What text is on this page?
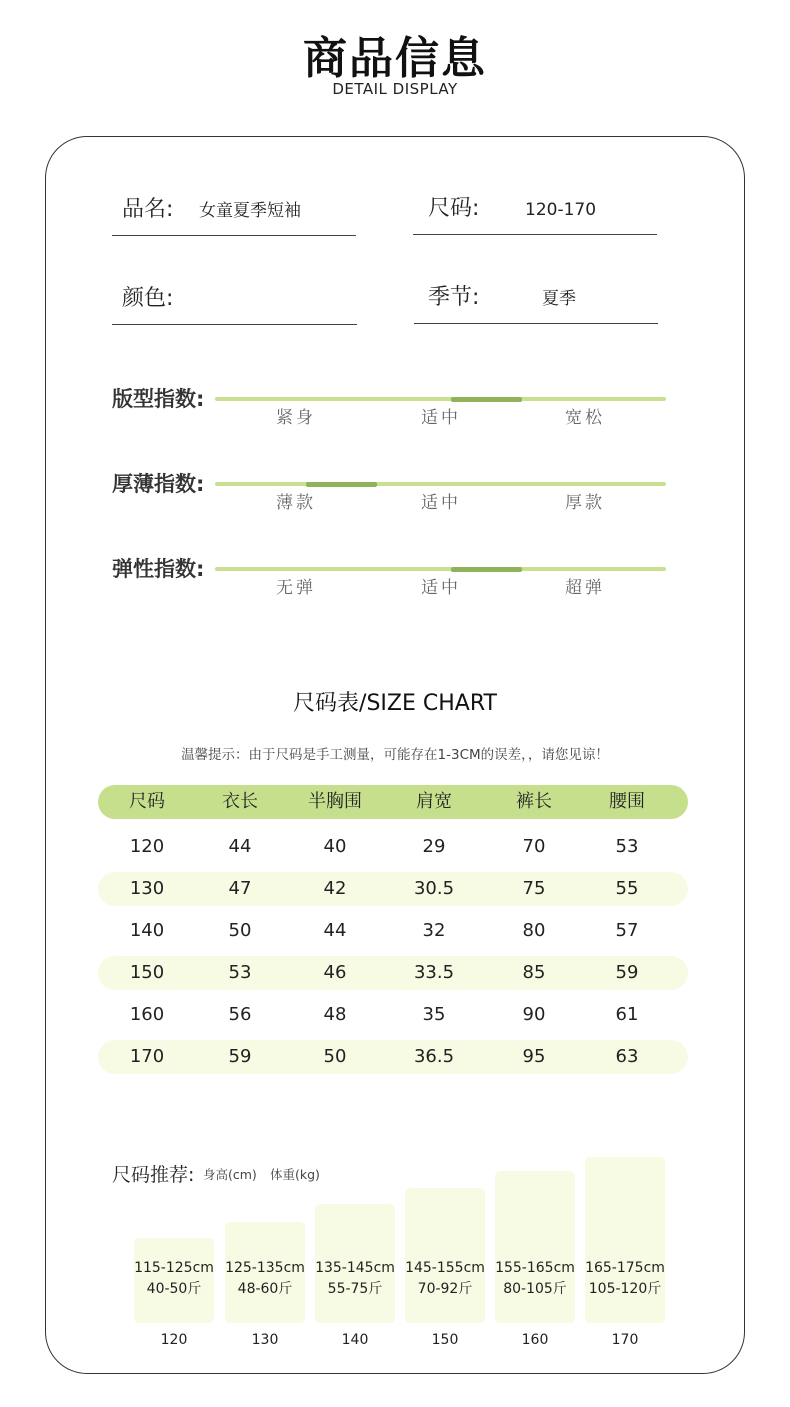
商品信息
DETAIL DISPLAY
品名: 女童夏季短袖	尺码:	120-170
颜色:	季节:	夏季
版型指数:
紧身	适中	宽松
厚薄指数:
薄款	适中	厚款
弹性指数:
无弹	适中	超弹
尺码表/SIZE CHART
温馨提示：由于尺码是手工测量，可能存在1-3CM的误差，，请您见谅！
尺码	衣长	半胸围	肩宽	裤长	腰围
120	44	40	29	70	53
130	47	42	30.5	75	55
140	50	44	32	80	57
150	53	46	33.5	85	59
160	56	48	35	90	61
170	59	50	36.5	95	63
尺码推荐: 身高(cm) 体重(kg)
115-125cm
40-50斤
120
125-135cm
48-60斤
130
135-145cm
55-75斤
140
145-155cm
70-92斤
150
155-165cm
80-105斤
160
165-175cm
105-120斤
170
